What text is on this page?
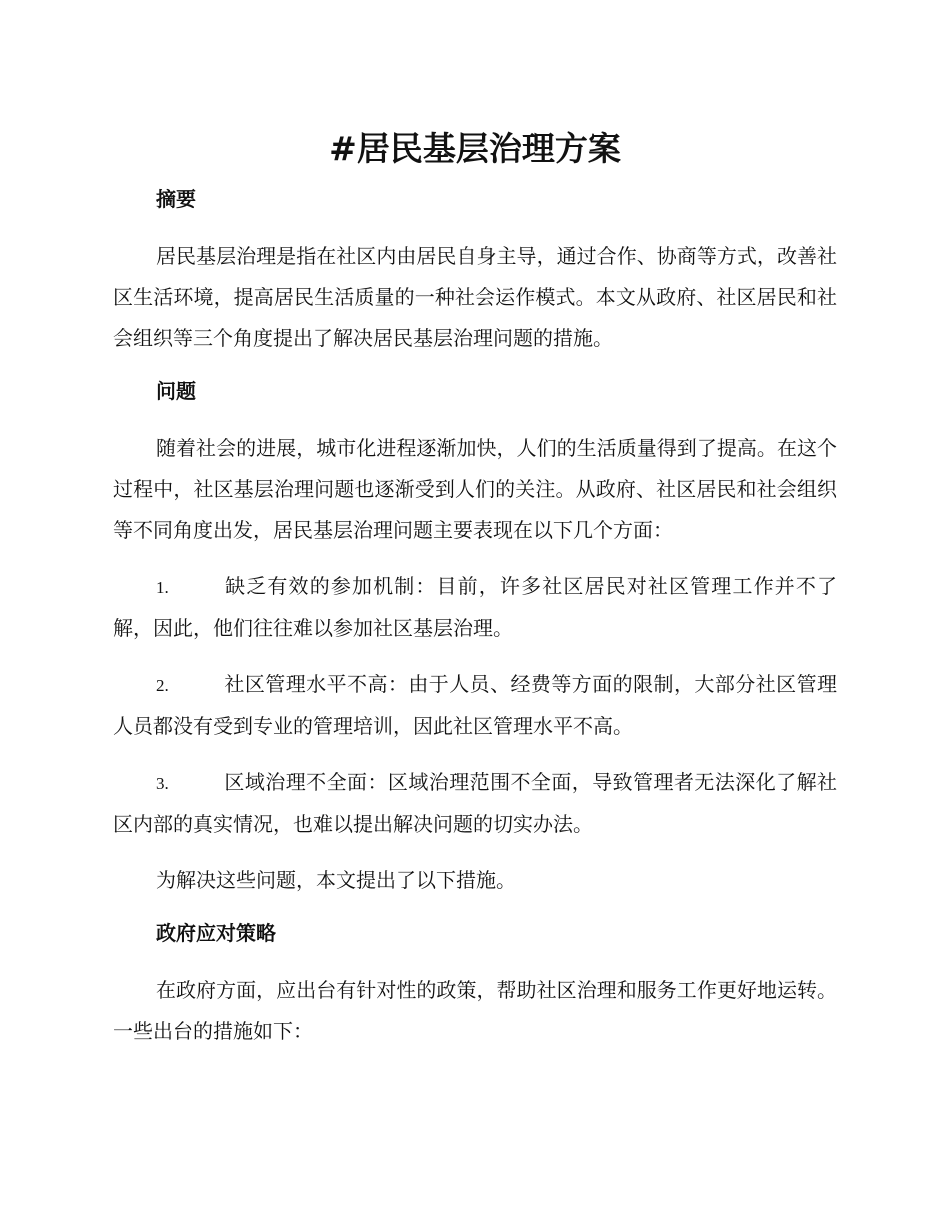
#居民基层治理方案
摘要

居民基层治理是指在社区内由居民自身主导，通过合作、协商等方式，改善社区生活环境，提高居民生活质量的一种社会运作模式。本文从政府、社区居民和社会组织等三个角度提出了解决居民基层治理问题的措施。

问题

随着社会的进展，城市化进程逐渐加快，人们的生活质量得到了提高。在这个过程中，社区基层治理问题也逐渐受到人们的关注。从政府、社区居民和社会组织等不同角度出发，居民基层治理问题主要表现在以下几个方面：

1.	缺乏有效的参加机制：目前，许多社区居民对社区管理工作并不了解，因此，他们往往难以参加社区基层治理。

2.	社区管理水平不高：由于人员、经费等方面的限制，大部分社区管理人员都没有受到专业的管理培训，因此社区管理水平不高。

3.	区域治理不全面：区域治理范围不全面，导致管理者无法深化了解社区内部的真实情况，也难以提出解决问题的切实办法。

为解决这些问题，本文提出了以下措施。

政府应对策略

在政府方面，应出台有针对性的政策，帮助社区治理和服务工作更好地运转。一些出台的措施如下：
